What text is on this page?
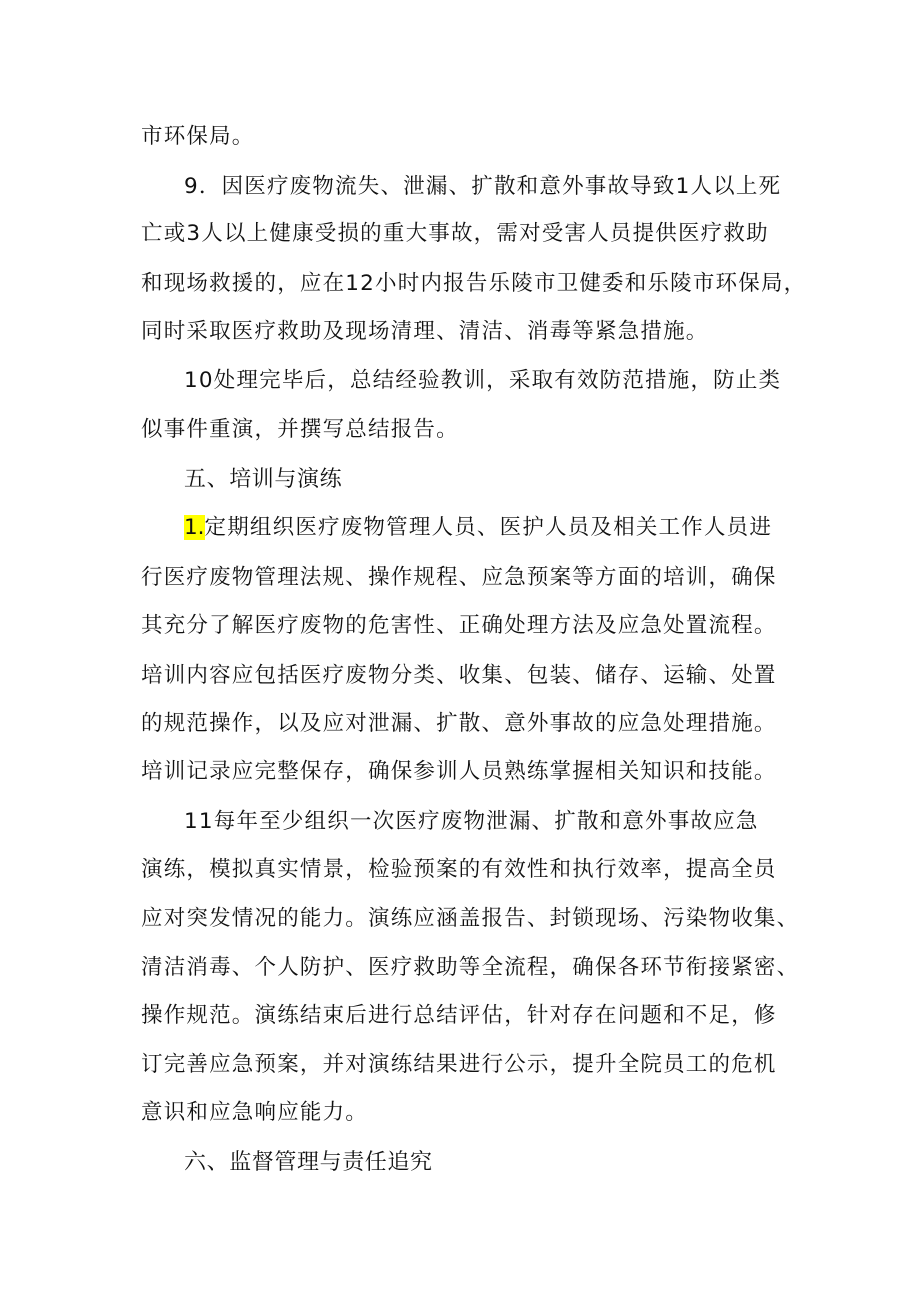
市环保局。
9．因医疗废物流失、泄漏、扩散和意外事故导致1人以上死
亡或3人以上健康受损的重大事故，需对受害人员提供医疗救助
和现场救援的，应在12小时内报告乐陵市卫健委和乐陵市环保局，
同时采取医疗救助及现场清理、清洁、消毒等紧急措施。
10处理完毕后，总结经验教训，采取有效防范措施，防止类
似事件重演，并撰写总结报告。
五、培训与演练
1.定期组织医疗废物管理人员、医护人员及相关工作人员进
行医疗废物管理法规、操作规程、应急预案等方面的培训，确保
其充分了解医疗废物的危害性、正确处理方法及应急处置流程。
培训内容应包括医疗废物分类、收集、包装、储存、运输、处置
的规范操作，以及应对泄漏、扩散、意外事故的应急处理措施。
培训记录应完整保存，确保参训人员熟练掌握相关知识和技能。
11每年至少组织一次医疗废物泄漏、扩散和意外事故应急
演练，模拟真实情景，检验预案的有效性和执行效率，提高全员
应对突发情况的能力。演练应涵盖报告、封锁现场、污染物收集、
清洁消毒、个人防护、医疗救助等全流程，确保各环节衔接紧密、
操作规范。演练结束后进行总结评估，针对存在问题和不足，修
订完善应急预案，并对演练结果进行公示，提升全院员工的危机
意识和应急响应能力。
六、监督管理与责任追究
